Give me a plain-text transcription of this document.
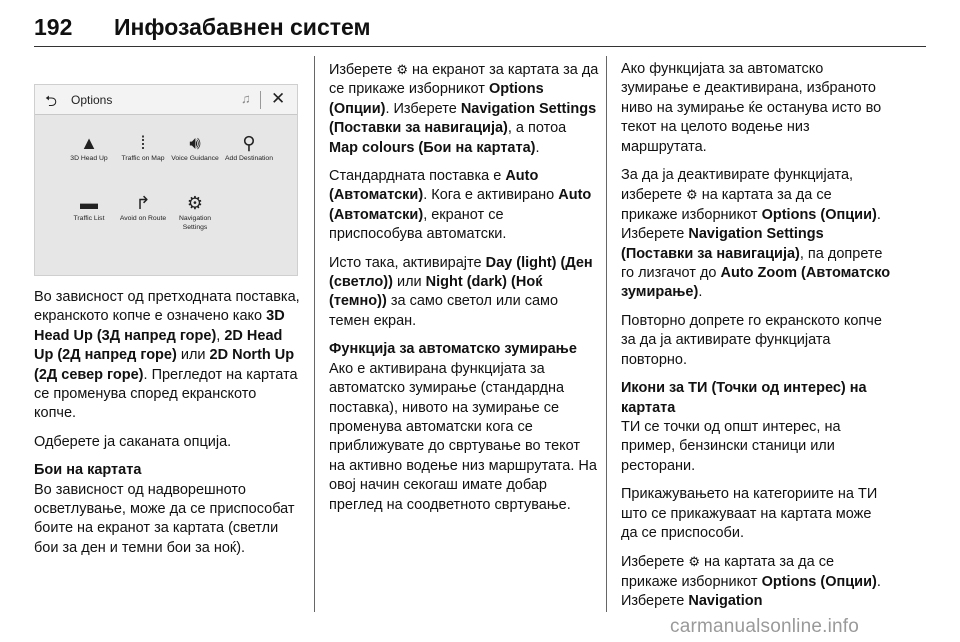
192 Инфозабавнен систем
⮌ Options	♫ ✕
▲
3D Head Up
⁞
Traffic on Map
🔊︎
Voice Guidance
⚲
Add Destination
▬
Traffic List
↱
Avoid on Route
⚙
Navigation Settings

Во зависност од претходната поставка, екранското копче е означено како 3D Head Up (3Д напред горе), 2D Head Up (2Д напред горе) или 2D North Up (2Д север горе). Прегледот на картата се променува според екранското копче.

Одберете ја саканата опција.

Бои на картата

Во зависност од надворешното осветлување, може да се приспособат боите на екранот за картата (светли бои за ден и темни бои за ноќ).

Изберете ⚙ на екранот за картата за да се прикаже изборникот Options (Опции). Изберете Navigation Settings (Поставки за навигација), а потоа Map colours (Бои на картата).

Стандардната поставка е Auto (Автоматски). Кога е активирано Auto (Автоматски), екранот се приспособува автоматски.

Исто така, активирајте Day (light) (Ден (светло)) или Night (dark) (Ноќ (темно)) за само светол или само темен екран.

Функција за автоматско зумирање

Ако е активирана функцијата за автоматско зумирање (стандардна поставка), нивото на зумирање се променува автоматски кога се приближувате до свртување во текот на активно водење низ маршрутата. На овој начин секогаш имате добар преглед на соодветното свртување.

Ако функцијата за автоматско зумирање е деактивирана, избраното ниво на зумирање ќе останува исто во текот на целото водење низ маршрутата.

За да ја деактивирате функцијата, изберете ⚙ на картата за да се прикаже изборникот Options (Опции). Изберете Navigation Settings (Поставки за навигација), па допрете го лизгачот до Auto Zoom (Автоматско зумирање).

Повторно допрете го екранското копче за да ја активирате функцијата повторно.

Икони за ТИ (Точки од интерес) на картата

ТИ се точки од општ интерес, на пример, бензински станици или ресторани.

Прикажувањето на категориите на ТИ што се прикажуваат на картата може да се приспособи.

Изберете ⚙ на картата за да се прикаже изборникот Options (Опции). Изберете Navigation

carmanualsonline.info
